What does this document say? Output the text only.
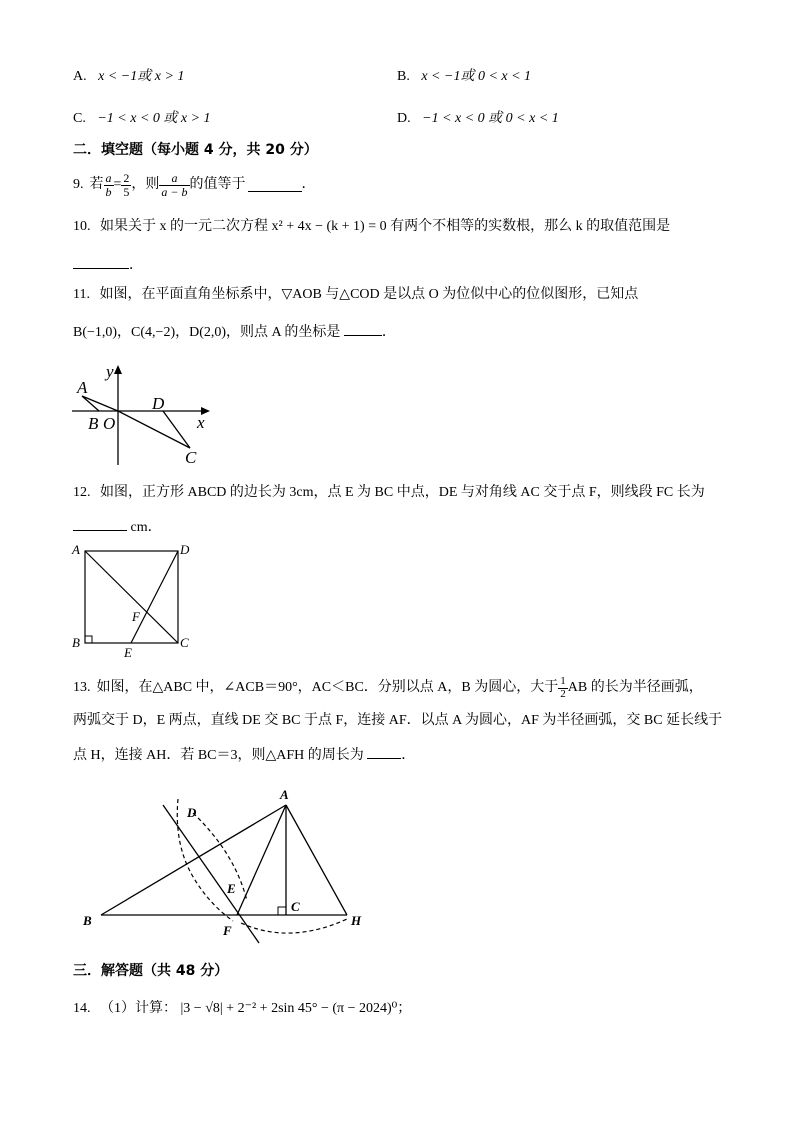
A. x < −1或 x > 1	B. x < −1或 0 < x < 1
C. −1 < x < 0 或 x > 1	D. −1 < x < 0 或 0 < x < 1
二．填空题（每小题 4 分，共 20 分）
9. 若 $\frac{a}{b} = \frac{2}{5}$ ，则 $\frac{a}{a - b}$ 的值等于	．
10. 如果关于 x 的一元二次方程 x² + 4x − (k + 1) = 0 有两个不相等的实数根，那么 k 的取值范围是
．
11. 如图，在平面直角坐标系中，▽AOB 与△COD 是以点 O 为位似中心的位似图形，已知点
B(−1,0)，C(4,−2)，D(2,0)，则点 A 的坐标是	．
y
x
A
B O
D
C
12. 如图，正方形 ABCD 的边长为 3cm，点 E 为 BC 中点，DE 与对角线 AC 交于点 F，则线段 FC 长为
cm．
A	D
B	C
F
E
13. 如图，在△ABC 中，∠ACB＝90°，AC＜BC．分别以点 A，B 为圆心，大于 $\frac{1}{2}$ AB 的长为半径画弧，
两弧交于 D，E 两点，直线 DE 交 BC 于点 F，连接 AF．以点 A 为圆心，AF 为半径画弧，交 BC 延长线于
点 H，连接 AH．若 BC＝3，则△AFH 的周长为	．
A
D
E
B
F
C
H
三．解答题（共 48 分）
14. （1）计算： |3 − √8| + 2⁻² + 2sin 45° − (π − 2024)⁰；
